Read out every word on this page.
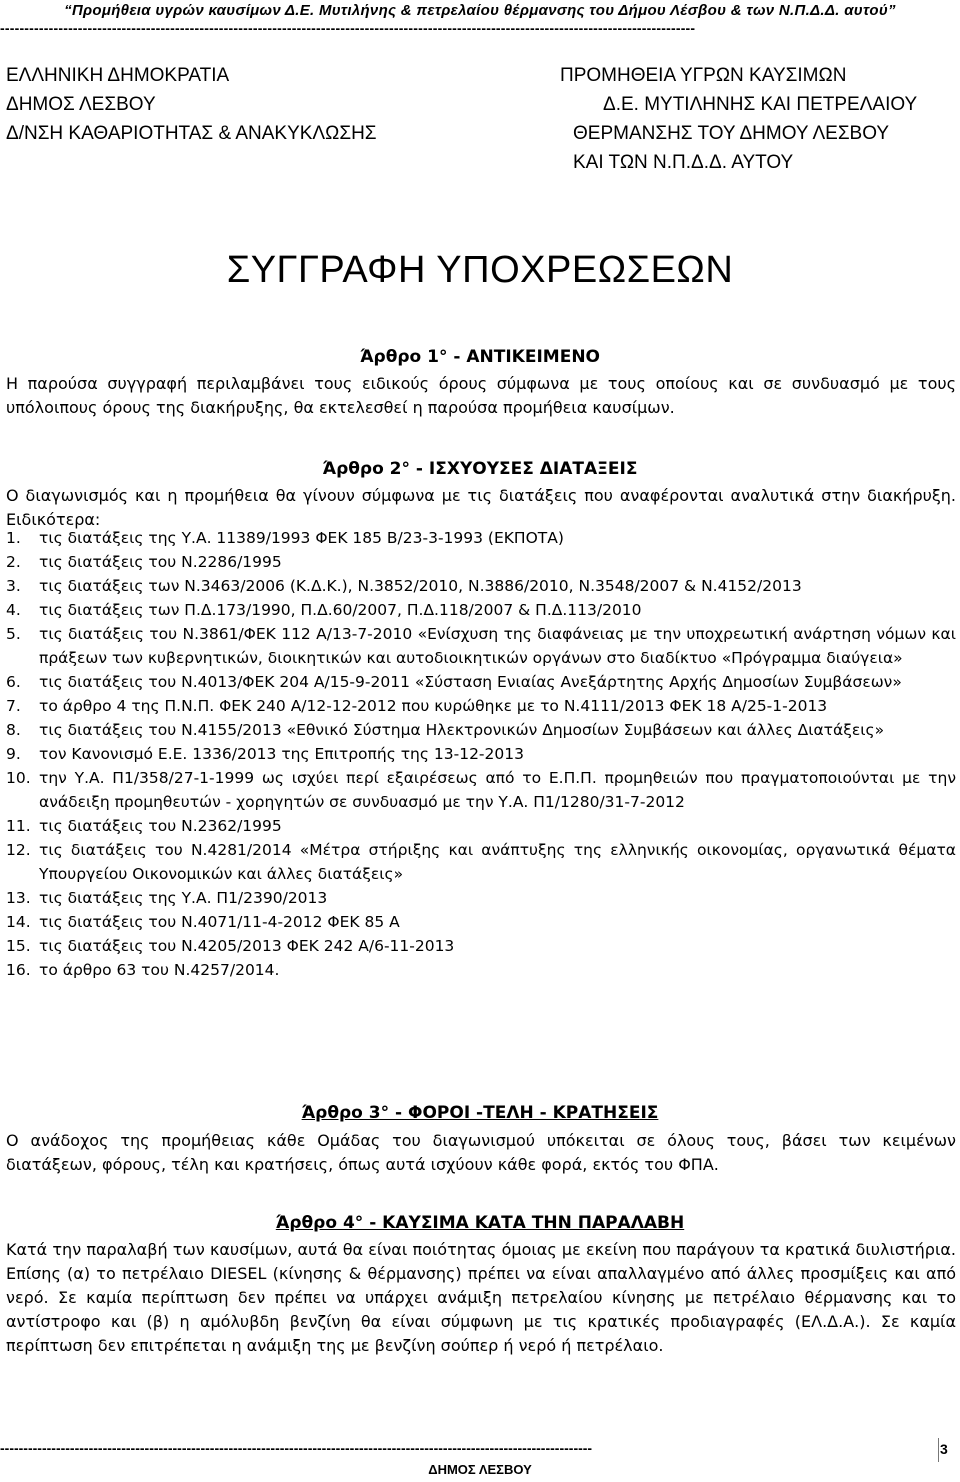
“Προμήθεια υγρών καυσίμων Δ.Ε. Μυτιλήνης & πετρελαίου θέρμανσης του Δήμου Λέσβου & των Ν.Π.Δ.Δ. αυτού”
-----------------------------------------------------------------------------------------------------------------------------------------------
ΕΛΛΗΝΙΚΗ ΔΗΜΟΚΡΑΤΙΑ
ΔΗΜΟΣ ΛΕΣΒΟΥ
Δ/ΝΣΗ ΚΑΘΑΡΙΟΤΗΤΑΣ & ΑΝΑΚΥΚΛΩΣΗΣ
ΠΡΟΜΗΘΕΙΑ ΥΓΡΩΝ ΚΑΥΣΙΜΩΝ
Δ.Ε. ΜΥΤΙΛΗΝΗΣ ΚΑΙ ΠΕΤΡΕΛΑΙΟΥ
ΘΕΡΜΑΝΣΗΣ ΤΟΥ ΔΗΜΟΥ ΛΕΣΒΟΥ
ΚΑΙ ΤΩΝ Ν.Π.Δ.Δ. ΑΥΤΟΥ
ΣΥΓΓΡΑΦΗ ΥΠΟΧΡΕΩΣΕΩΝ
Άρθρο 1° - ΑΝΤΙΚΕΙΜΕΝΟ
Η παρούσα συγγραφή περιλαμβάνει τους ειδικούς όρους σύμφωνα με τους οποίους και σε συνδυασμό με τους υπόλοιπους όρους της διακήρυξης, θα εκτελεσθεί η παρούσα προμήθεια καυσίμων.
Άρθρο 2° - ΙΣΧΥΟΥΣΕΣ ΔΙΑΤΑΞΕΙΣ
Ο διαγωνισμός και η προμήθεια θα γίνουν σύμφωνα με τις διατάξεις που αναφέρονται αναλυτικά στην διακήρυξη. Ειδικότερα:
1.	τις διατάξεις της Υ.Α. 11389/1993 ΦΕΚ 185 Β/23-3-1993 (ΕΚΠΟΤΑ)
2.	τις διατάξεις του Ν.2286/1995
3.	τις διατάξεις των Ν.3463/2006 (Κ.Δ.Κ.), Ν.3852/2010, Ν.3886/2010, Ν.3548/2007 & Ν.4152/2013
4.	τις διατάξεις των Π.Δ.173/1990, Π.Δ.60/2007, Π.Δ.118/2007 & Π.Δ.113/2010
5.	τις διατάξεις του Ν.3861/ΦΕΚ 112 Α/13-7-2010 «Ενίσχυση της διαφάνειας με την υποχρεωτική ανάρτηση νόμων και πράξεων των κυβερνητικών, διοικητικών και αυτοδιοικητικών οργάνων στο διαδίκτυο «Πρόγραμμα διαύγεια»
6.	τις διατάξεις του Ν.4013/ΦΕΚ 204 Α/15-9-2011 «Σύσταση Ενιαίας Ανεξάρτητης Αρχής Δημοσίων Συμβάσεων»
7.	το άρθρο 4 της Π.Ν.Π. ΦΕΚ 240 Α/12-12-2012 που κυρώθηκε με το Ν.4111/2013 ΦΕΚ 18 Α/25-1-2013
8.	τις διατάξεις του Ν.4155/2013 «Εθνικό Σύστημα Ηλεκτρονικών Δημοσίων Συμβάσεων και άλλες Διατάξεις»
9.	τον Κανονισμό Ε.Ε. 1336/2013 της Επιτροπής της 13-12-2013
10. την Υ.Α. Π1/358/27-1-1999 ως ισχύει περί εξαιρέσεως από το Ε.Π.Π. προμηθειών που πραγματοποιούνται με την ανάδειξη προμηθευτών - χορηγητών σε συνδυασμό με την Υ.Α. Π1/1280/31-7-2012
11. τις διατάξεις του Ν.2362/1995
12. τις διατάξεις του Ν.4281/2014 «Μέτρα στήριξης και ανάπτυξης της ελληνικής οικονομίας, οργανωτικά θέματα Υπουργείου Οικονομικών και άλλες διατάξεις»
13. τις διατάξεις της Υ.Α. Π1/2390/2013
14. τις διατάξεις του Ν.4071/11-4-2012 ΦΕΚ 85 Α
15. τις διατάξεις του Ν.4205/2013 ΦΕΚ 242 Α/6-11-2013
16. το άρθρο 63 του Ν.4257/2014.
Άρθρο 3° - ΦΟΡΟΙ -ΤΕΛΗ - ΚΡΑΤΗΣΕΙΣ
Ο ανάδοχος της προμήθειας κάθε Ομάδας του διαγωνισμού υπόκειται σε όλους τους, βάσει των κειμένων διατάξεων, φόρους, τέλη και κρατήσεις, όπως αυτά ισχύουν κάθε φορά, εκτός του ΦΠΑ.
Άρθρο 4° - ΚΑΥΣΙΜΑ ΚΑΤΑ ΤΗΝ ΠΑΡΑΛΑΒΗ
Κατά την παραλαβή των καυσίμων, αυτά θα είναι ποιότητας όμοιας με εκείνη που παράγουν τα κρατικά διυλιστήρια. Επίσης (α) το πετρέλαιο DIESEL (κίνησης & θέρμανσης) πρέπει να είναι απαλλαγμένο από άλλες προσμίξεις και από νερό. Σε καμία περίπτωση δεν πρέπει να υπάρχει ανάμιξη πετρελαίου κίνησης με πετρέλαιο θέρμανσης και το αντίστροφο και (β) η αμόλυβδη βενζίνη θα είναι σύμφωνη με τις κρατικές προδιαγραφές (ΕΛ.Δ.Α.). Σε καμία περίπτωση δεν επιτρέπεται η ανάμιξη της με βενζίνη σούπερ ή νερό ή πετρέλαιο.
-------------------------------------------------------------------------------------------------------------------------------	3
ΔΗΜΟΣ ΛΕΣΒΟΥ
